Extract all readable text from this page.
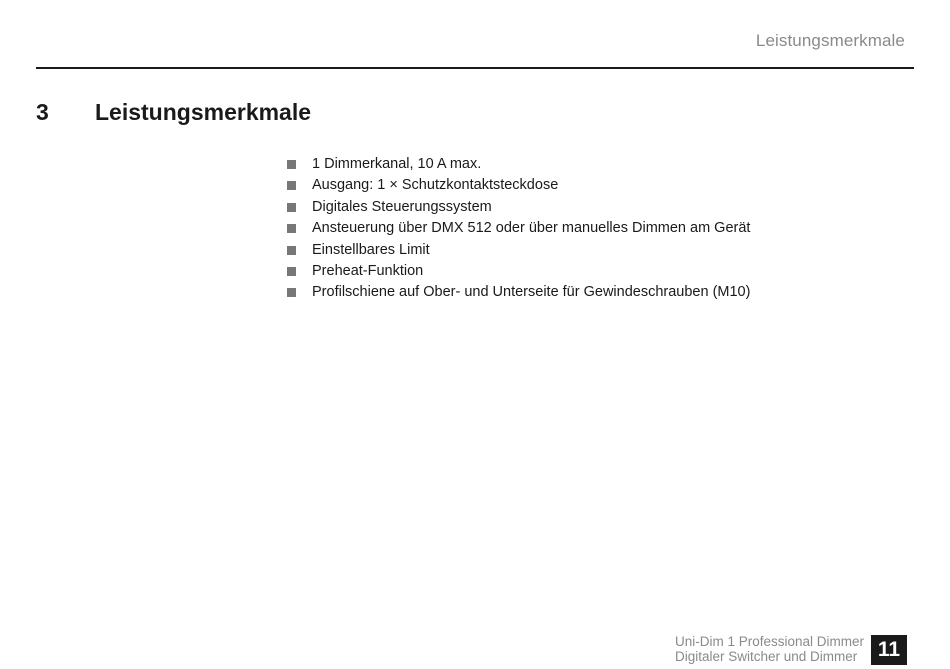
Leistungsmerkmale
3 Leistungsmerkmale
1 Dimmerkanal, 10 A max.
Ausgang: 1 × Schutzkontaktsteckdose
Digitales Steuerungssystem
Ansteuerung über DMX 512 oder über manuelles Dimmen am Gerät
Einstellbares Limit
Preheat-Funktion
Profilschiene auf Ober- und Unterseite für Gewindeschrauben (M10)
Uni-Dim 1 Professional Dimmer
Digitaler Switcher und Dimmer 11
